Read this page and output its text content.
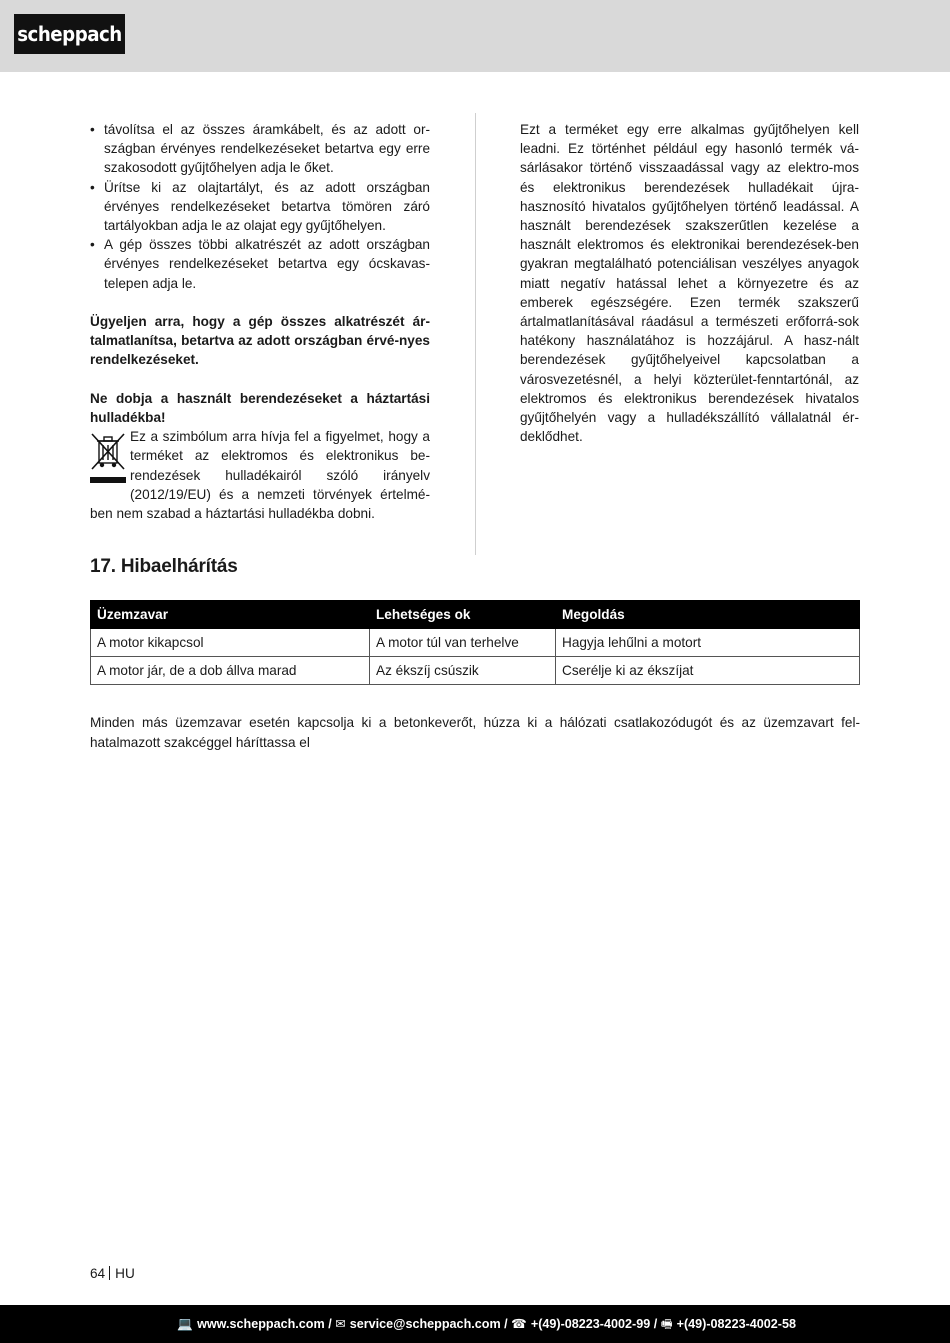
scheppach
• távolítsa el az összes áramkábelt, és az adott or-szágban érvényes rendelkezéseket betartva egy erre szakosodott gyűjtőhelyen adja le őket.
• Ürítse ki az olajtartályt, és az adott országban érvényes rendelkezéseket betartva tömören záró tartályokban adja le az olajat egy gyűjtőhelyen.
• A gép összes többi alkatrészét az adott országban érvényes rendelkezéseket betartva egy ócskavas-telepen adja le.

Ügyeljen arra, hogy a gép összes alkatrészét ár-talmatlanítsa, betartva az adott országban érvé-nyes rendelkezéseket.

Ne dobja a használt berendezéseket a háztartási hulladékba!

Ez a szimbólum arra hívja fel a figyelmet, hogy a terméket az elektromos és elektronikus be-rendezések hulladékairól szóló irányelv (2012/19/EU) és a nemzeti törvények értelmé-ben nem szabad a háztartási hulladékba dobni.

Ezt a terméket egy erre alkalmas gyűjtőhelyen kell leadni. Ez történhet például egy hasonló termék vá-sárlásakor történő visszaadással vagy az elektro-mos és elektronikus berendezések hulladékait újra-hasznosító hivatalos gyűjtőhelyen történő leadással. A használt berendezések szakszerűtlen kezelése a használt elektromos és elektronikai berendezések-ben gyakran megtalálható potenciálisan veszélyes anyagok miatt negatív hatással lehet a környezetre és az emberek egészségére. Ezen termék szakszerű ártalmatlanításával ráadásul a természeti erőforrá-sok hatékony használatához is hozzájárul. A hasz-nált berendezések gyűjtőhelyeivel kapcsolatban a városvezetésnél, a helyi közterület-fenntartónál, az elektromos és elektronikus berendezések hivatalos gyűjtőhelyén vagy a hulladékszállító vállalatnál ér-deklődhet.

17. Hibaelhárítás
Üzemzavar	Lehetséges ok	Megoldás
A motor kikapcsol	A motor túl van terhelve	Hagyja lehűlni a motort
A motor jár, de a dob állva marad	Az ékszíj csúszik	Cserélje ki az ékszíjat

Minden más üzemzavar esetén kapcsolja ki a betonkeverőt, húzza ki a hálózati csatlakozódugót és az üzemzavart fel-hatalmazott szakcéggel háríttassa el

64 HU
💻 www.scheppach.com / ✉ service@scheppach.com / ☎ +(49)-08223-4002-99 / 🖷 +(49)-08223-4002-58
